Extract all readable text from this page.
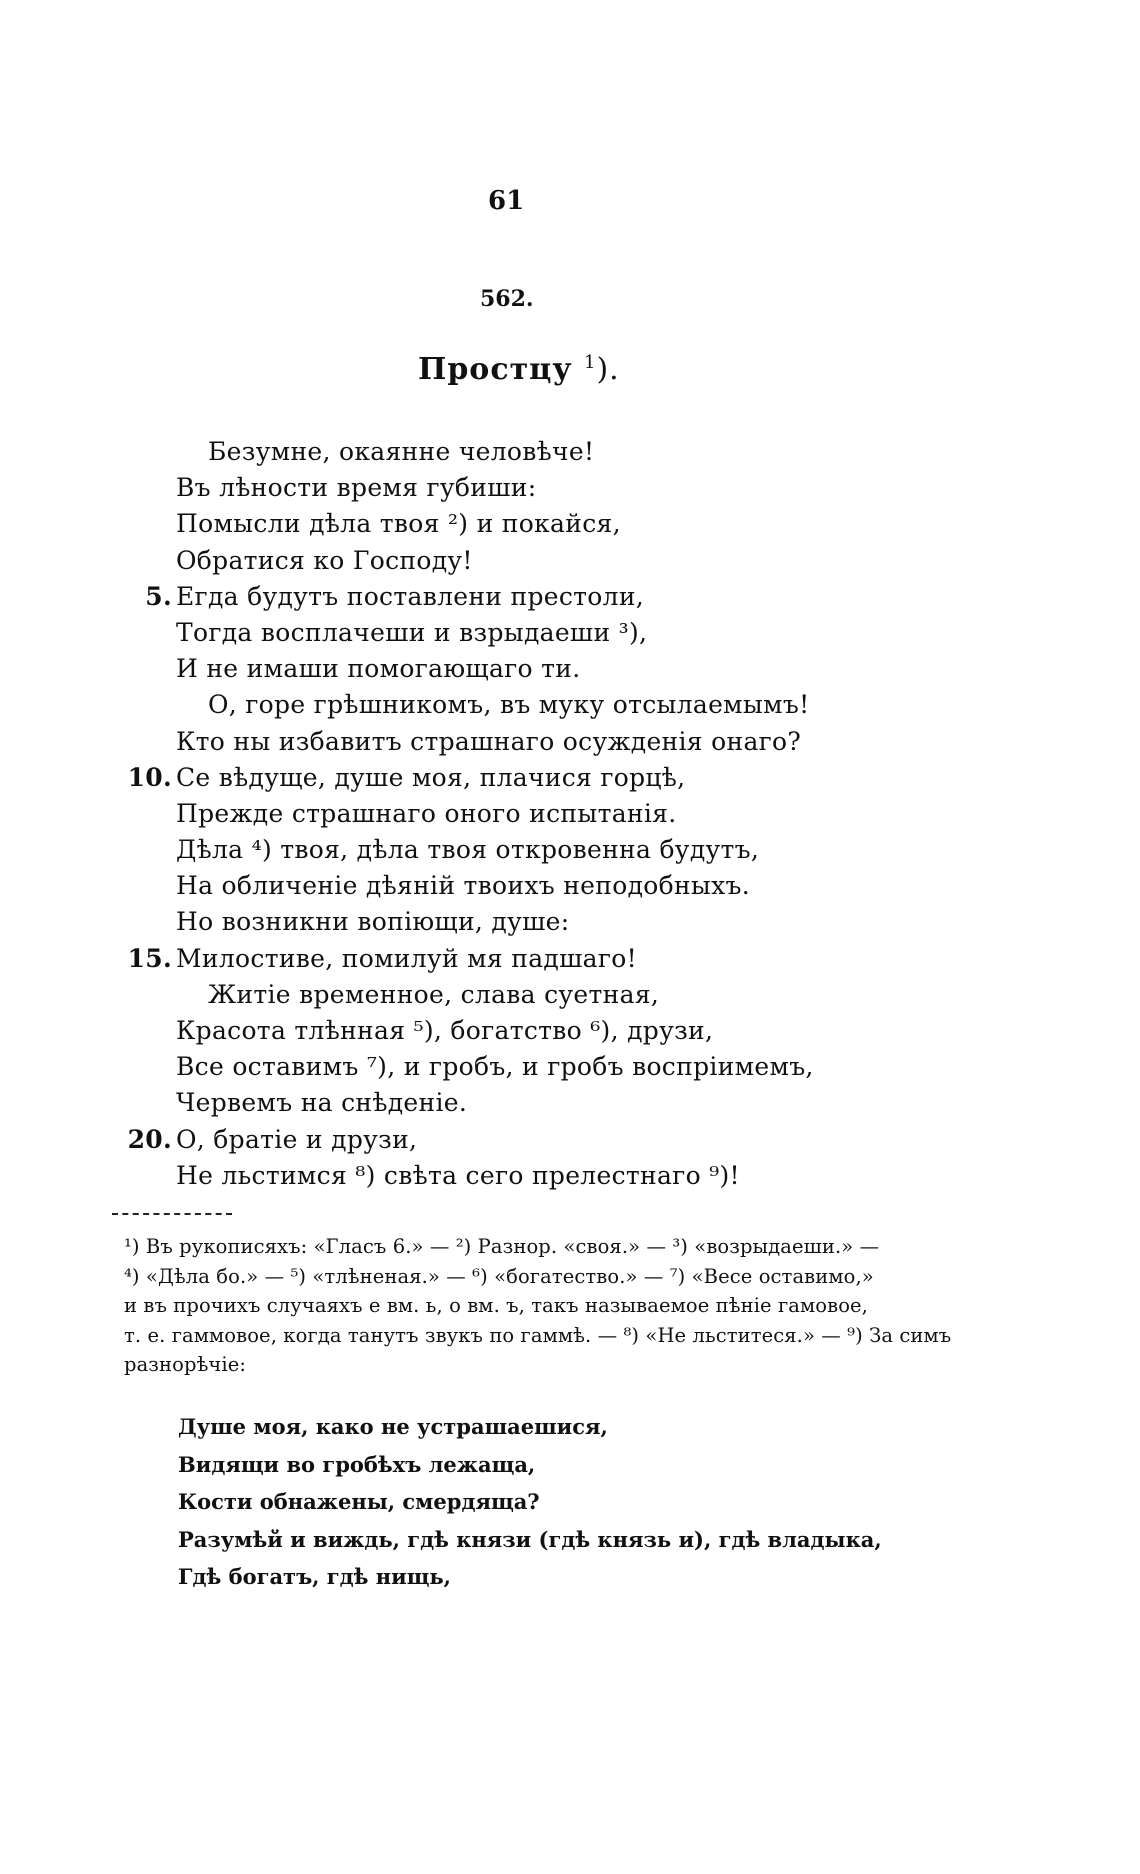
61
562.
Простцу $^1$).
Безумне, окаянне человѣче!
Въ лѣности время губиши:
Помысли дѣла твоя ²) и покайся,
Обратися ко Господу!
5. Егда будутъ поставлени престоли,
Тогда восплачеши и взрыдаеши ³),
И не имаши помогающаго ти.
О, горе грѣшникомъ, въ муку отсылаемымъ!
Кто ны избавитъ страшнаго осужденія онаго?
10. Се вѣдуще, душе моя, плачися горцѣ,
Прежде страшнаго оного испытанія.
Дѣла ⁴) твоя, дѣла твоя откровенна будутъ,
На обличеніе дѣяній твоихъ неподобныхъ.
Но возникни вопіющи, душе:
15. Милостиве, помилуй мя падшаго!
Житіе временное, слава суетная,
Красота тлѣнная ⁵), богатство ⁶), друзи,
Все оставимъ ⁷), и гробъ, и гробъ воспріимемъ,
Червемъ на снѣденіе.
20. О, братіе и друзи,
Не льстимся ⁸) свѣта сего прелестнаго ⁹)!
¹) Въ рукописяхъ: «Гласъ 6.» — ²) Разнор. «своя.» — ³) «возрыдаеши.» —
⁴) «Дѣла бо.» — ⁵) «тлѣненая.» — ⁶) «богатество.» — ⁷) «Весе оставимо,»
и въ прочихъ случаяхъ е вм. ь, о вм. ъ, такъ называемое пѣніе гамовое,
т. е. гаммовое, когда танутъ звукъ по гаммѣ. — ⁸) «Не льститеся.» — ⁹) За симъ
разнорѣчіе:
Душе моя, како не устрашаешися,
Видящи во гробѣхъ лежаща,
Кости обнажены, смердяща?
Разумѣй и виждь, гдѣ князи (гдѣ князь и), гдѣ владыка,
Гдѣ богатъ, гдѣ нищь,
